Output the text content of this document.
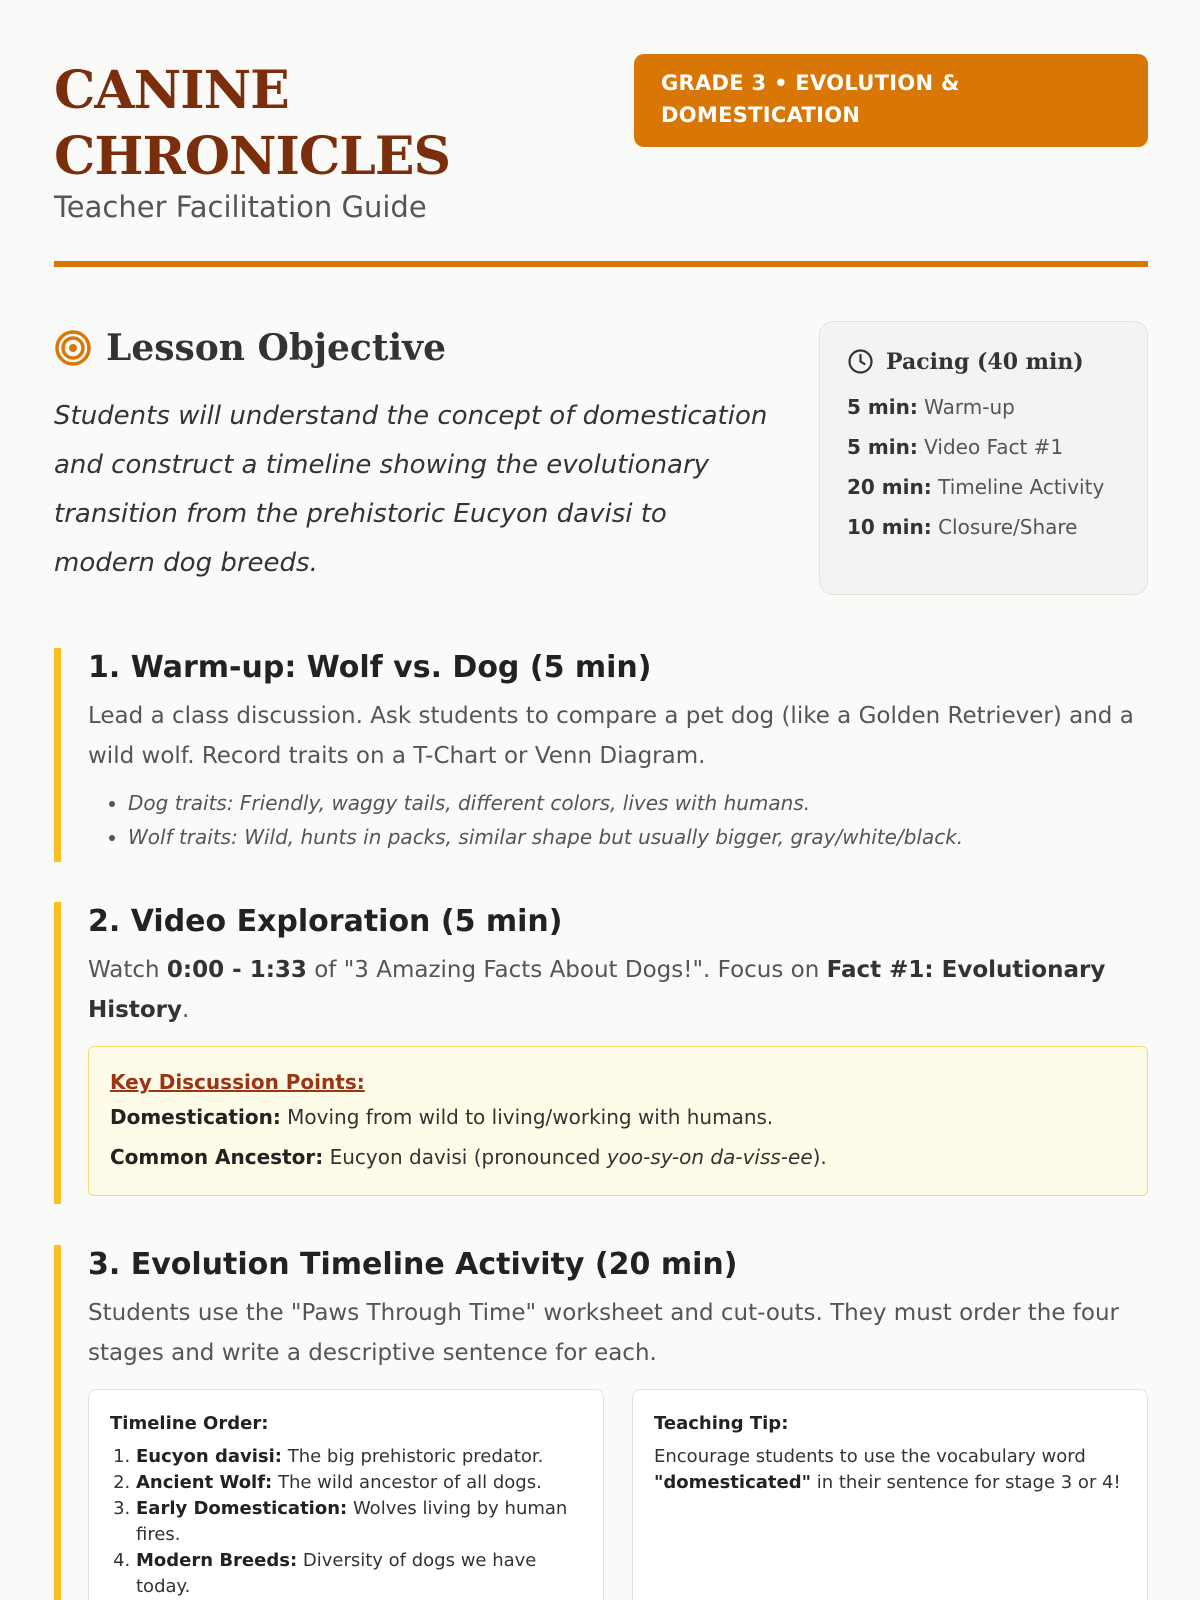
CANINE
CHRONICLES
Teacher Facilitation Guide
GRADE 3 • EVOLUTION &
DOMESTICATION
Lesson Objective

Students will understand the concept of domestication and construct a timeline showing the evolutionary transition from the prehistoric Eucyon davisi to modern dog breeds.

Pacing (40 min)
5 min: Warm-up
5 min: Video Fact #1
20 min: Timeline Activity
10 min: Closure/Share
1. Warm-up: Wolf vs. Dog (5 min)

Lead a class discussion. Ask students to compare a pet dog (like a Golden Retriever) and a wild wolf. Record traits on a T-Chart or Venn Diagram.

• Dog traits: Friendly, waggy tails, different colors, lives with humans.
• Wolf traits: Wild, hunts in packs, similar shape but usually bigger, gray/white/black.
2. Video Exploration (5 min)

Watch 0:00 - 1:33 of "3 Amazing Facts About Dogs!". Focus on Fact #1: Evolutionary History.

Key Discussion Points:
Domestication: Moving from wild to living/working with humans.
Common Ancestor: Eucyon davisi (pronounced yoo-sy-on da-viss-ee).
3. Evolution Timeline Activity (20 min)

Students use the "Paws Through Time" worksheet and cut-outs. They must order the four stages and write a descriptive sentence for each.

Timeline Order:
1. Eucyon davisi: The big prehistoric predator.
2. Ancient Wolf: The wild ancestor of all dogs.
3. Early Domestication: Wolves living by human fires.
4. Modern Breeds: Diversity of dogs we have today.
Teaching Tip:

Encourage students to use the vocabulary word "domesticated" in their sentence for stage 3 or 4!
